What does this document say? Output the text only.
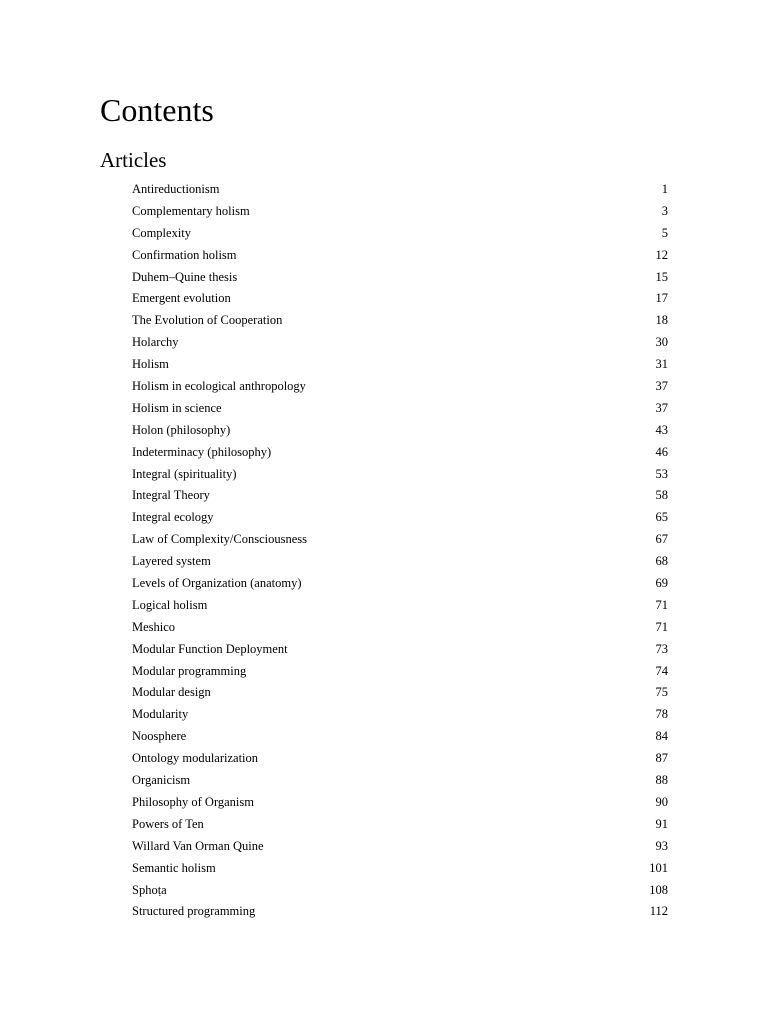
Contents
Articles
Antireductionism	1
Complementary holism	3
Complexity	5
Confirmation holism	12
Duhem–Quine thesis	15
Emergent evolution	17
The Evolution of Cooperation	18
Holarchy	30
Holism	31
Holism in ecological anthropology	37
Holism in science	37
Holon (philosophy)	43
Indeterminacy (philosophy)	46
Integral (spirituality)	53
Integral Theory	58
Integral ecology	65
Law of Complexity/Consciousness	67
Layered system	68
Levels of Organization (anatomy)	69
Logical holism	71
Meshico	71
Modular Function Deployment	73
Modular programming	74
Modular design	75
Modularity	78
Noosphere	84
Ontology modularization	87
Organicism	88
Philosophy of Organism	90
Powers of Ten	91
Willard Van Orman Quine	93
Semantic holism	101
Sphoṭa	108
Structured programming	112
